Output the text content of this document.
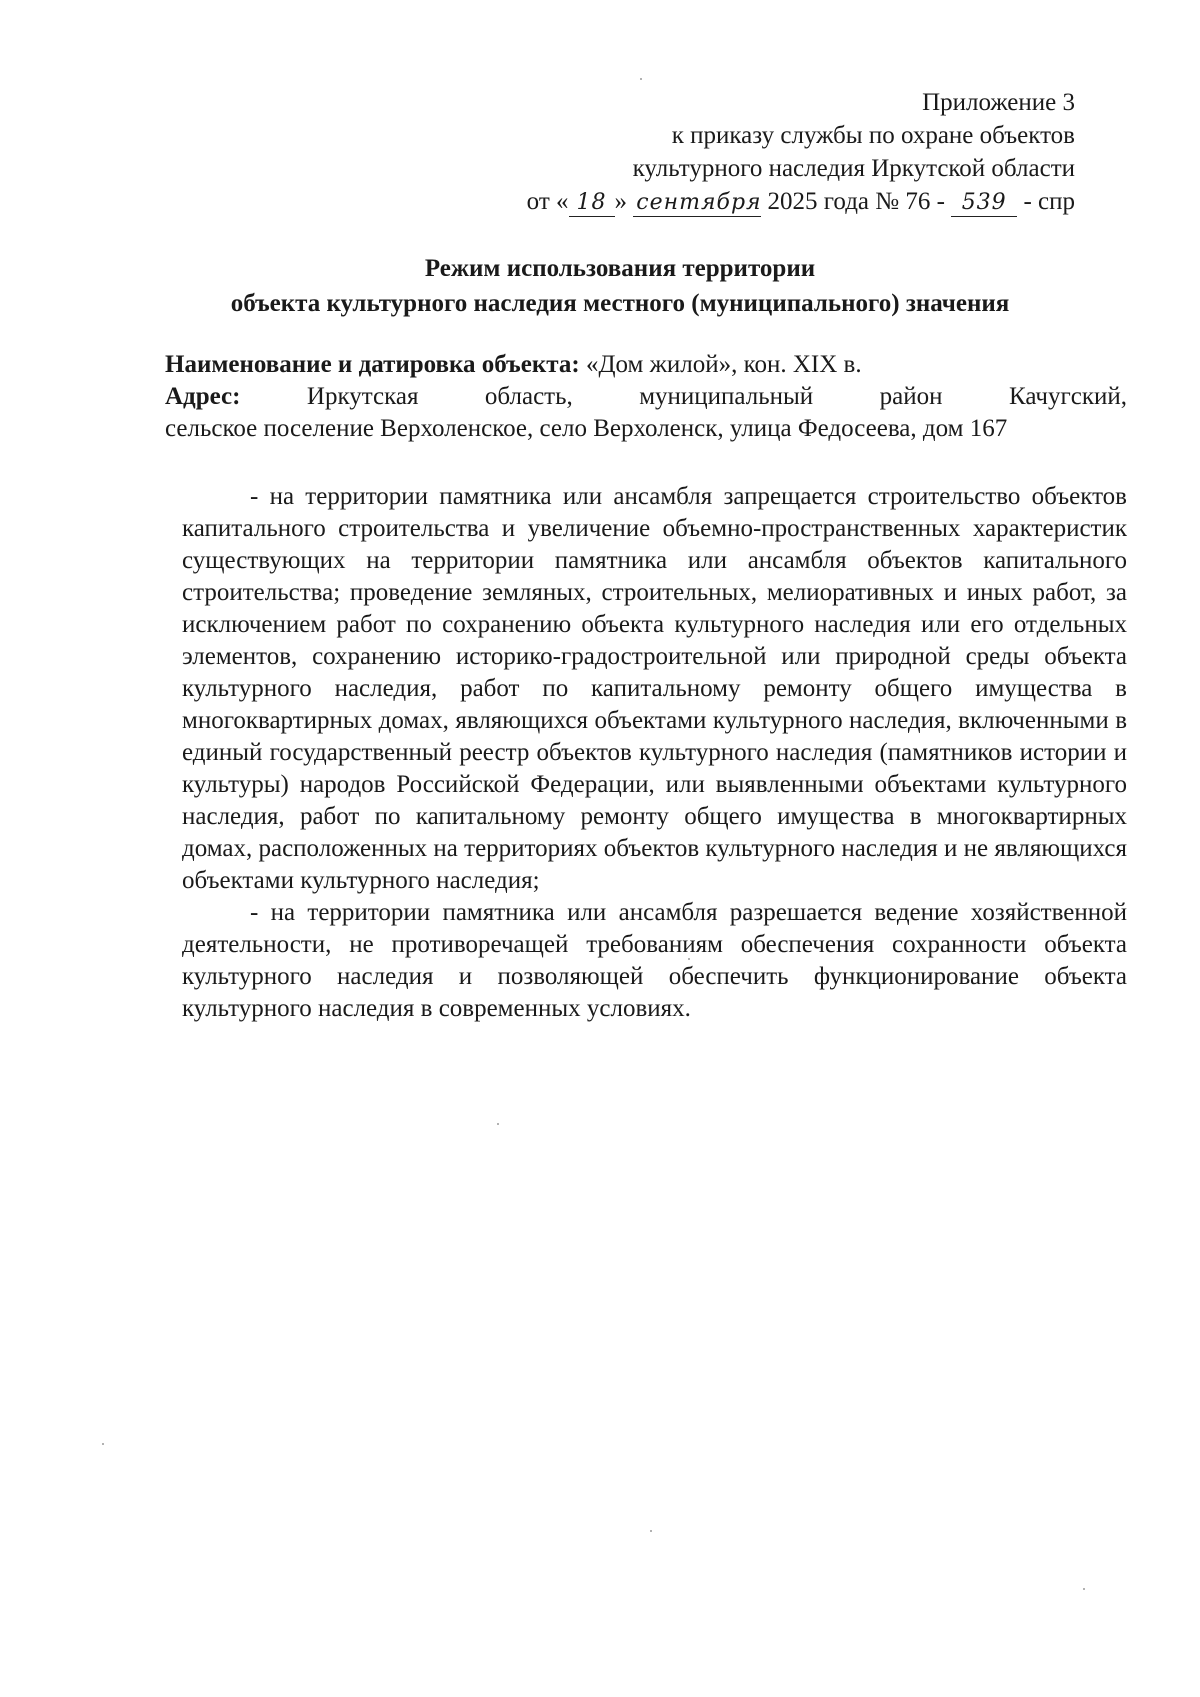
Приложение 3
к приказу службы по охране объектов
культурного наследия Иркутской области
от « 18 » сентября 2025 года № 76 - 539 - спр
Режим использования территории
объекта культурного наследия местного (муниципального) значения
Наименование и датировка объекта: «Дом жилой», кон. XIX в.
Адрес:	Иркутская область, муниципальный район Качугский,
сельское поселение Верхоленское, село Верхоленск, улица Федосеева, дом 167

- на территории памятника или ансамбля запрещается строительство объектов капитального строительства и увеличение объемно-пространственных характеристик существующих на территории памятника или ансамбля объектов капитального строительства; проведение земляных, строительных, мелиоративных и иных работ, за исключением работ по сохранению объекта культурного наследия или его отдельных элементов, сохранению историко-градостроительной или природной среды объекта культурного наследия, работ по капитальному ремонту общего имущества в многоквартирных домах, являющихся объектами культурного наследия, включенными в единый государственный реестр объектов культурного наследия (памятников истории и культуры) народов Российской Федерации, или выявленными объектами культурного наследия, работ по капитальному ремонту общего имущества в многоквартирных домах, расположенных на территориях объектов культурного наследия и не являющихся объектами культурного наследия;

- на территории памятника или ансамбля разрешается ведение хозяйственной деятельности, не противоречащей требованиям обеспечения сохранности объекта культурного наследия и позволяющей обеспечить функционирование объекта культурного наследия в современных условиях.
